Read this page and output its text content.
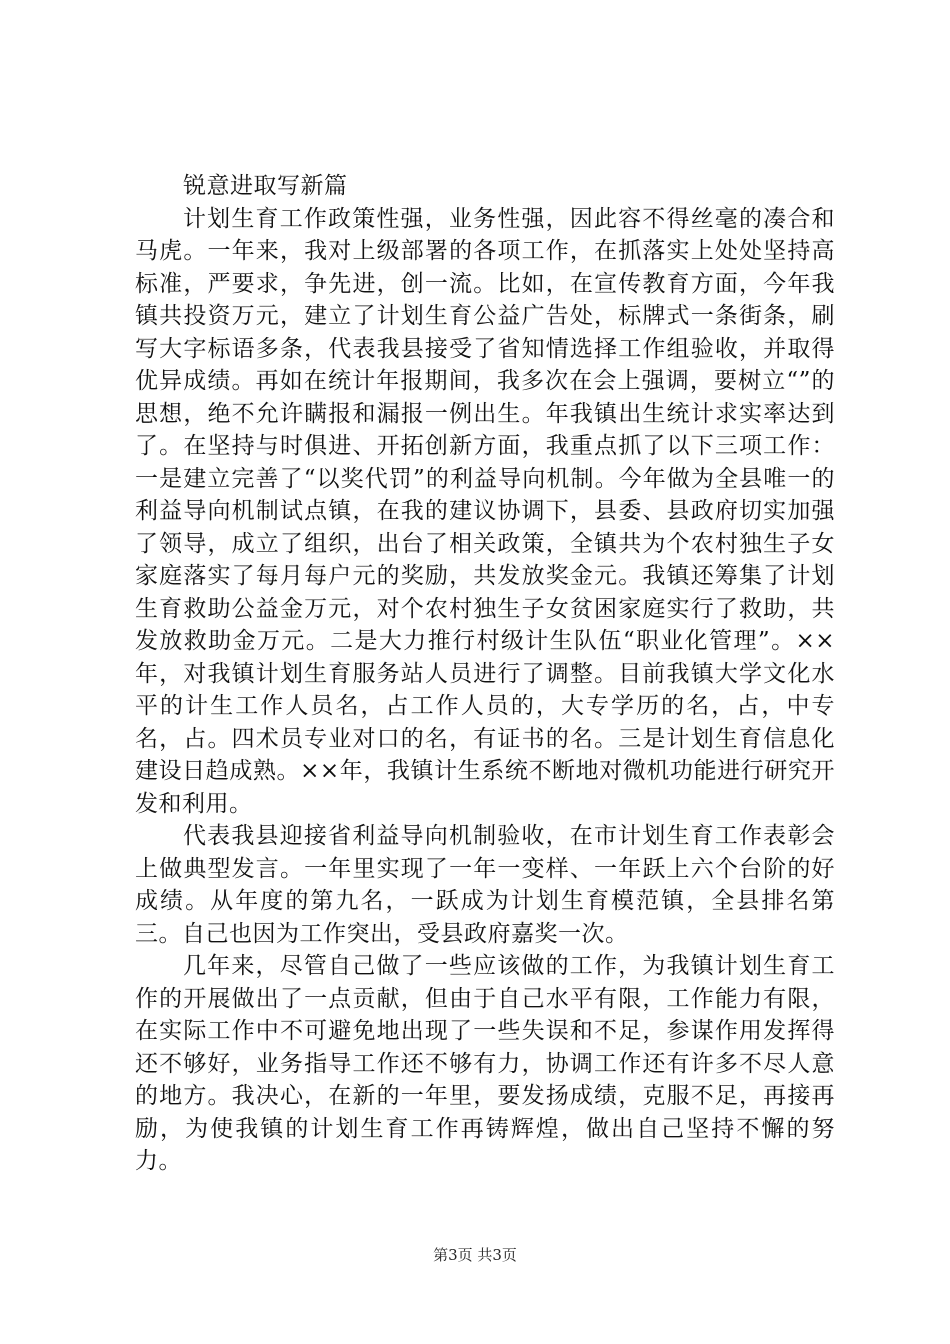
锐意进取写新篇

计划生育工作政策性强，业务性强，因此容不得丝毫的凑合和马虎。一年来，我对上级部署的各项工作，在抓落实上处处坚持高标准，严要求，争先进，创一流。比如，在宣传教育方面，今年我镇共投资万元，建立了计划生育公益广告处，标牌式一条街条，刷写大字标语多条，代表我县接受了省知情选择工作组验收，并取得优异成绩。再如在统计年报期间，我多次在会上强调，要树立“”的思想，绝不允许瞒报和漏报一例出生。年我镇出生统计求实率达到了。在坚持与时俱进、开拓创新方面，我重点抓了以下三项工作：一是建立完善了“以奖代罚”的利益导向机制。今年做为全县唯一的利益导向机制试点镇，在我的建议协调下，县委、县政府切实加强了领导，成立了组织，出台了相关政策，全镇共为个农村独生子女家庭落实了每月每户元的奖励，共发放奖金元。我镇还筹集了计划生育救助公益金万元，对个农村独生子女贫困家庭实行了救助，共发放救助金万元。二是大力推行村级计生队伍“职业化管理”。××年，对我镇计划生育服务站人员进行了调整。目前我镇大学文化水平的计生工作人员名，占工作人员的，大专学历的名，占，中专名，占。四术员专业对口的名，有证书的名。三是计划生育信息化建设日趋成熟。××年，我镇计生系统不断地对微机功能进行研究开发和利用。

代表我县迎接省利益导向机制验收，在市计划生育工作表彰会上做典型发言。一年里实现了一年一变样、一年跃上六个台阶的好成绩。从年度的第九名，一跃成为计划生育模范镇，全县排名第三。自己也因为工作突出，受县政府嘉奖一次。

几年来，尽管自己做了一些应该做的工作，为我镇计划生育工作的开展做出了一点贡献，但由于自己水平有限，工作能力有限，在实际工作中不可避免地出现了一些失误和不足，参谋作用发挥得还不够好，业务指导工作还不够有力，协调工作还有许多不尽人意的地方。我决心，在新的一年里，要发扬成绩，克服不足，再接再励，为使我镇的计划生育工作再铸辉煌，做出自己坚持不懈的努力。

第3页 共3页
